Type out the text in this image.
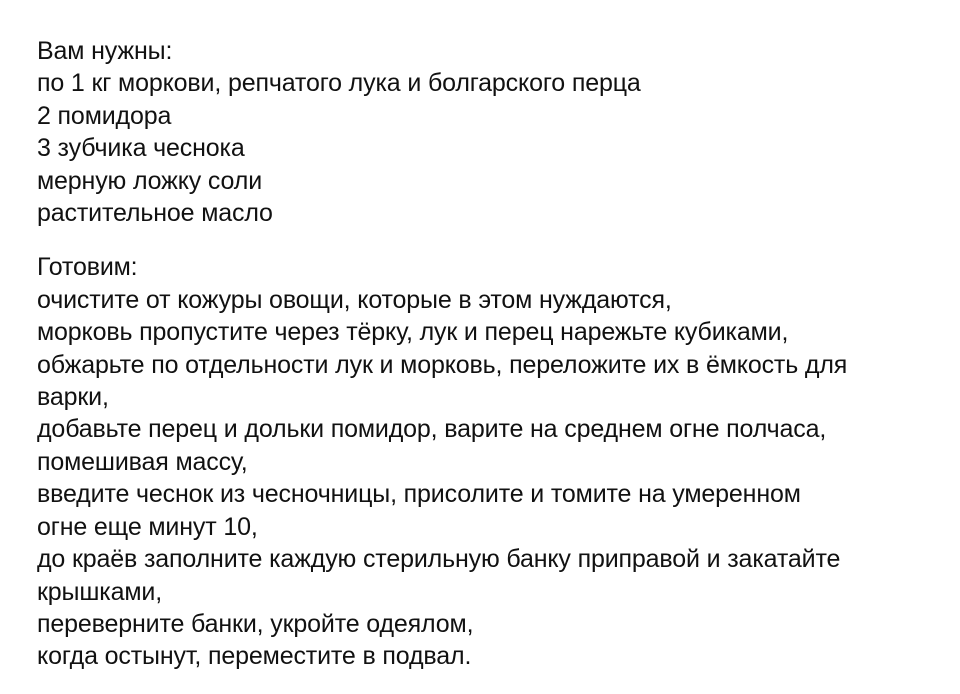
Вам нужны:
по 1 кг моркови, репчатого лука и болгарского перца
2 помидора
3 зубчика чеснока
мерную ложку соли
растительное масло
Готовим:
очистите от кожуры овощи, которые в этом нуждаются,
морковь пропустите через тёрку, лук и перец нарежьте кубиками,
обжарьте по отдельности лук и морковь, переложите их в ёмкость для
варки,
добавьте перец и дольки помидор, варите на среднем огне полчаса,
помешивая массу,
введите чеснок из чесночницы, присолите и томите на умеренном
огне еще минут 10,
до краёв заполните каждую стерильную банку приправой и закатайте
крышками,
переверните банки, укройте одеялом,
когда остынут, переместите в подвал.
